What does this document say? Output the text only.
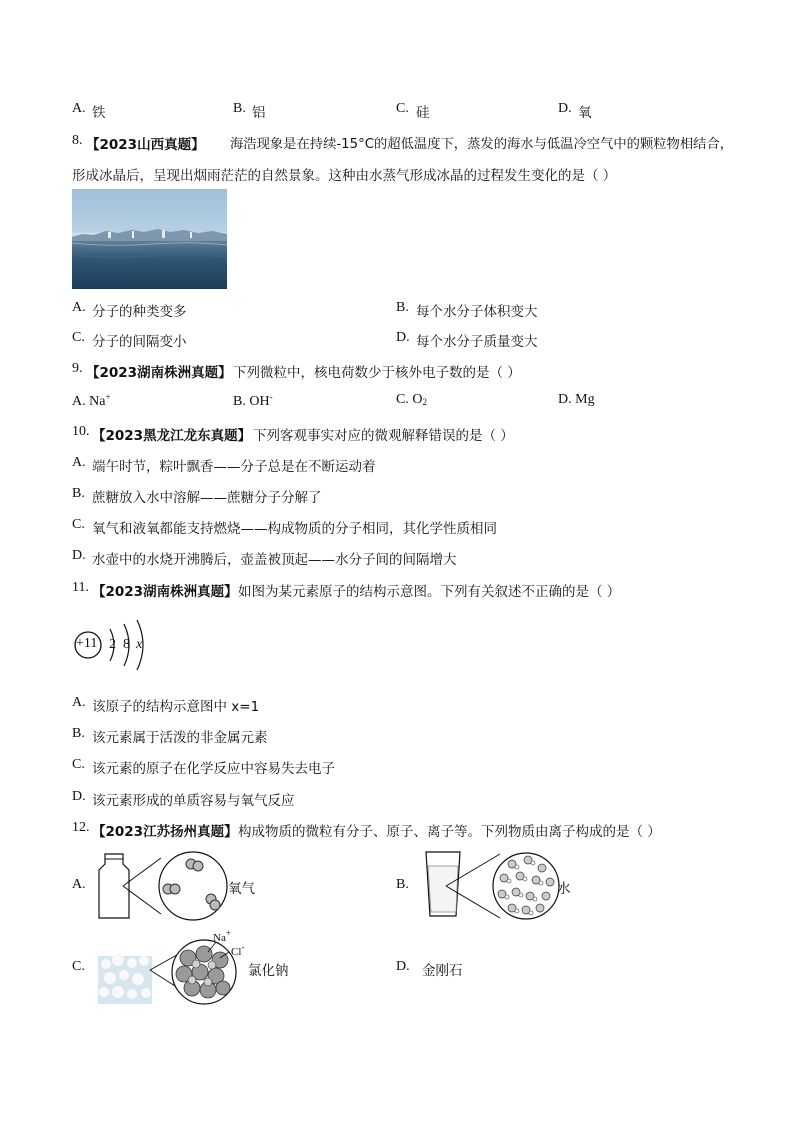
A. 铁	B. 铝	C. 硅	D. 氧
8. 【2023山西真题】 海浩现象是在持续-15°C的超低温度下，蒸发的海水与低温冷空气中的颗粒物相结合，
形成冰晶后，呈现出烟雨茫茫的自然景象。这种由水蒸气形成冰晶的过程发生变化的是（ ）
A. 分子的种类变多	B. 每个水分子体积变大
C. 分子的间隔变小	D. 每个水分子质量变大
9. 【2023湖南株洲真题】 下列微粒中，核电荷数少于核外电子数的是（ ）
A. Na+	B. OH-	C. $O_2$	D. Mg
10. 【2023黑龙江龙东真题】 下列客观事实对应的微观解释错误的是（ ）
A. 端午时节，粽叶飘香——分子总是在不断运动着
B. 蔗糖放入水中溶解——蔗糖分子分解了
C. 氧气和液氧都能支持燃烧——构成物质的分子相同，其化学性质相同
D. 水壶中的水烧开沸腾后，壶盖被顶起——水分子间的间隔增大
11. 【2023湖南株洲真题】 如图为某元素原子的结构示意图。下列有关叙述不正确的是（ ）
+11 2 8 x
A. 该原子的结构示意图中 x=1
B. 该元素属于活泼的非金属元素
C. 该元素的原子在化学反应中容易失去电子
D. 该元素形成的单质容易与氧气反应
12. 【2023江苏扬州真题】 构成物质的微粒有分子、原子、离子等。下列物质由离子构成的是（ ）
A.	氧气	B.	水
C.
Na+
Cl-
氯化钠	D. 金刚石
